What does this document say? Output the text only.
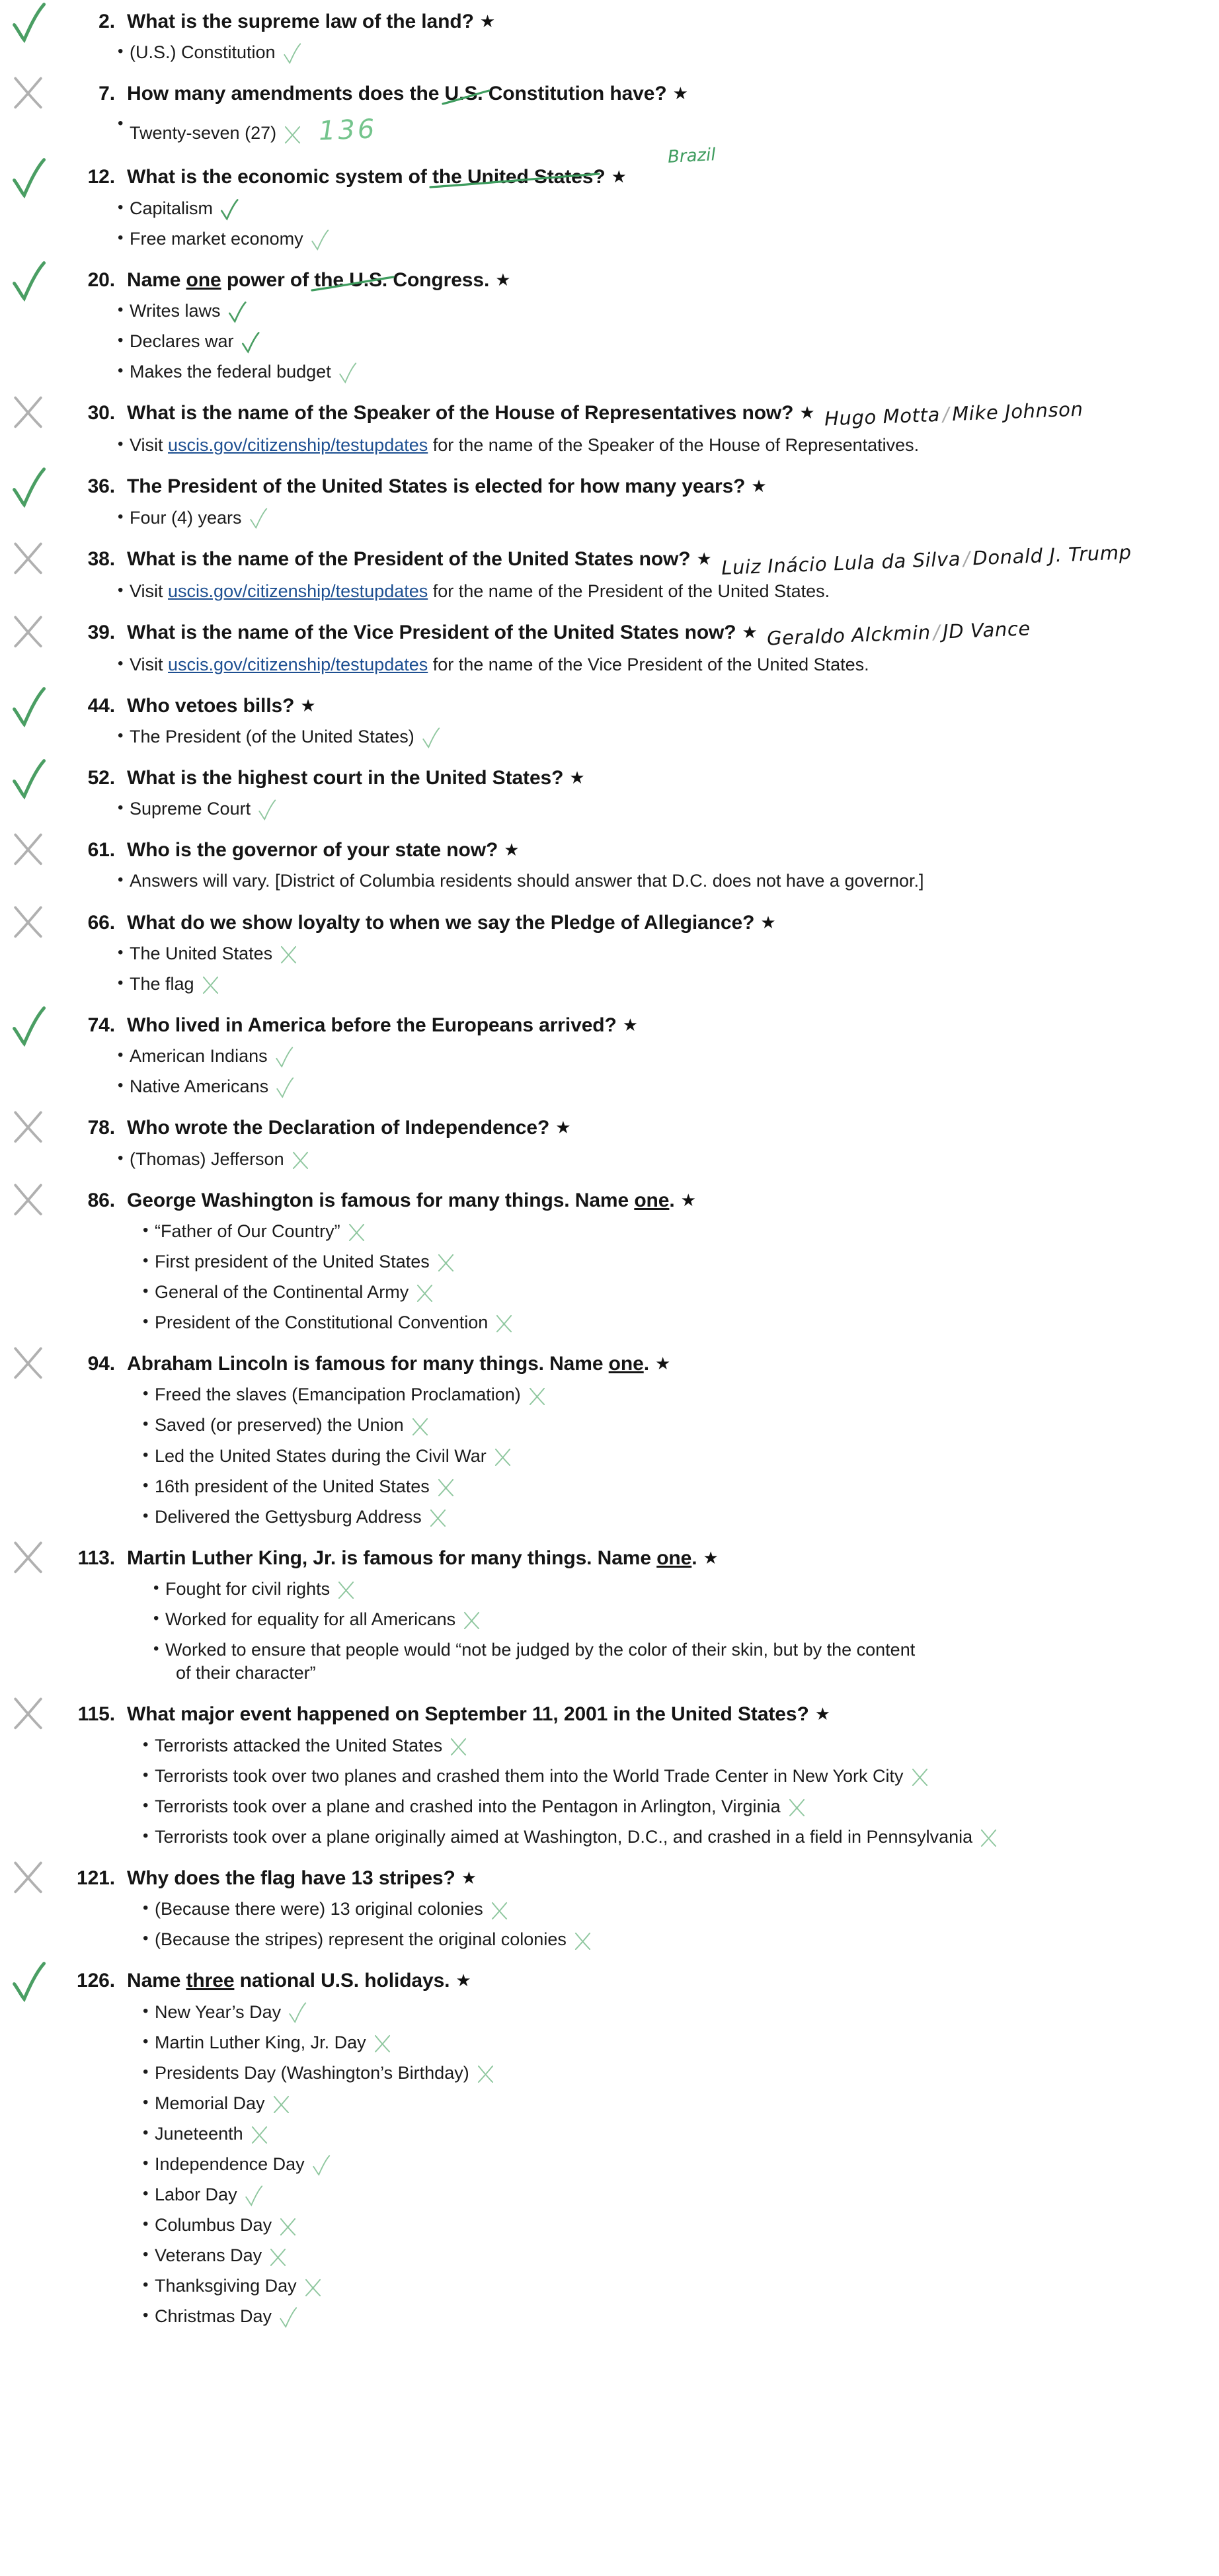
2. What is the supreme law of the land? ★
• (U.S.) Constitution
7. How many amendments does the U.S. Constitution have? ★
• Twenty-seven (27) 136
12. What is the economic system of the United States? ★
Brazil
• Capitalism
• Free market economy
20. Name one power of the U.S. Congress. ★
• Writes laws
• Declares war
• Makes the federal budget
30. What is the name of the Speaker of the House of Representatives now? ★ Hugo Motta/Mike Johnson
• Visit uscis.gov/citizenship/testupdates for the name of the Speaker of the House of Representatives.
36. The President of the United States is elected for how many years? ★
• Four (4) years
38. What is the name of the President of the United States now? ★ Luiz Inácio Lula da Silva/Donald J. Trump
• Visit uscis.gov/citizenship/testupdates for the name of the President of the United States.
39. What is the name of the Vice President of the United States now? ★ Geraldo Alckmin/JD Vance
• Visit uscis.gov/citizenship/testupdates for the name of the Vice President of the United States.
44. Who vetoes bills? ★
• The President (of the United States)
52. What is the highest court in the United States? ★
• Supreme Court
61. Who is the governor of your state now? ★
• Answers will vary. [District of Columbia residents should answer that D.C. does not have a governor.]
66. What do we show loyalty to when we say the Pledge of Allegiance? ★
• The United States
• The flag
74. Who lived in America before the Europeans arrived? ★
• American Indians
• Native Americans
78. Who wrote the Declaration of Independence? ★
• (Thomas) Jefferson
86. George Washington is famous for many things. Name one. ★
• “Father of Our Country”
• First president of the United States
• General of the Continental Army
• President of the Constitutional Convention
94. Abraham Lincoln is famous for many things. Name one. ★
• Freed the slaves (Emancipation Proclamation)
• Saved (or preserved) the Union
• Led the United States during the Civil War
• 16th president of the United States
• Delivered the Gettysburg Address
113. Martin Luther King, Jr. is famous for many things. Name one. ★
• Fought for civil rights
• Worked for equality for all Americans
• Worked to ensure that people would “not be judged by the color of their skin, but by the content
of their character”
115. What major event happened on September 11, 2001 in the United States? ★
• Terrorists attacked the United States
• Terrorists took over two planes and crashed them into the World Trade Center in New York City
• Terrorists took over a plane and crashed into the Pentagon in Arlington, Virginia
• Terrorists took over a plane originally aimed at Washington, D.C., and crashed in a field in Pennsylvania
121. Why does the flag have 13 stripes? ★
• (Because there were) 13 original colonies
• (Because the stripes) represent the original colonies
126. Name three national U.S. holidays. ★
• New Year’s Day
• Martin Luther King, Jr. Day
• Presidents Day (Washington’s Birthday)
• Memorial Day
• Juneteenth
• Independence Day
• Labor Day
• Columbus Day
• Veterans Day
• Thanksgiving Day
• Christmas Day
